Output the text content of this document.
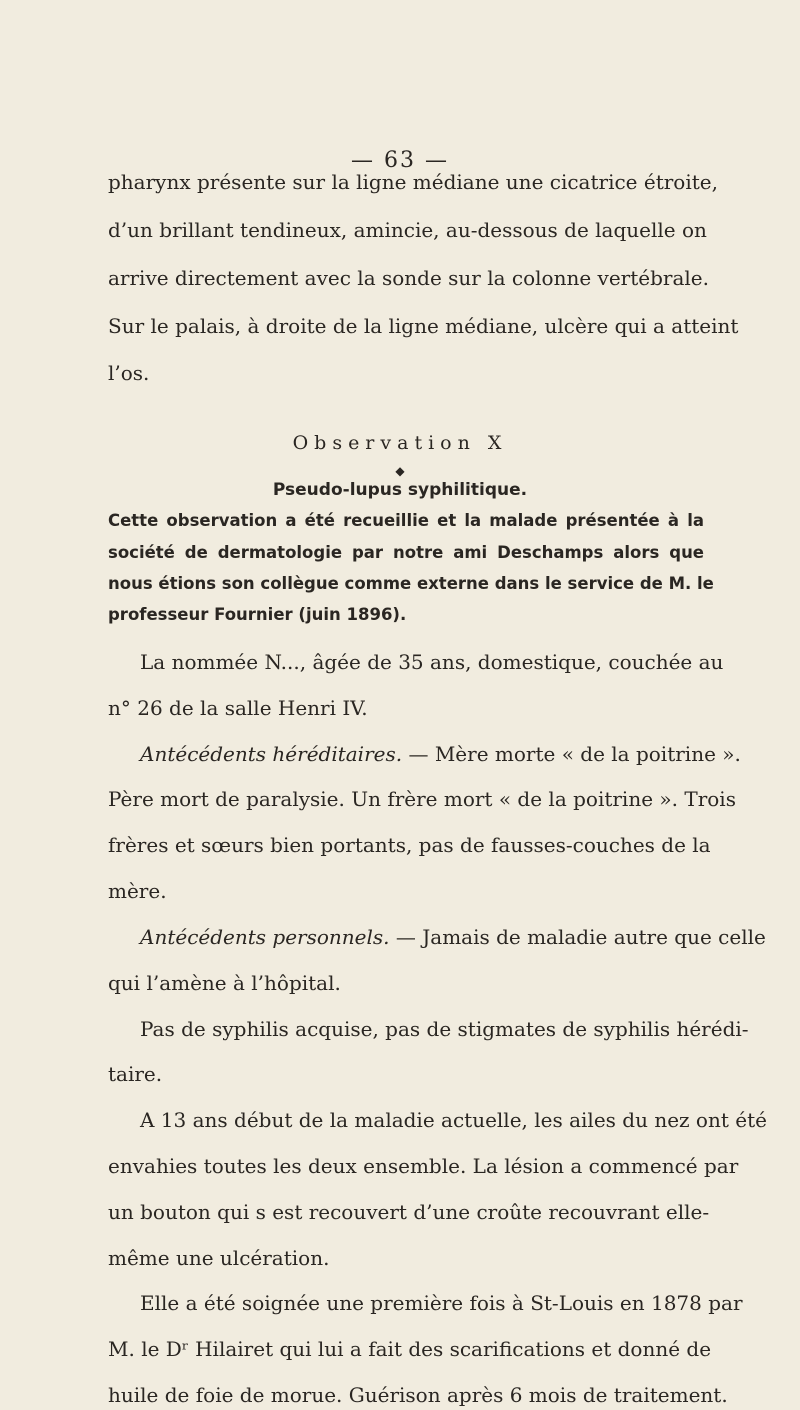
— 63 —
pharynx présente sur la ligne médiane une cicatrice étroite,
d’un brillant tendineux, amincie, au-dessous de laquelle on
arrive directement avec la sonde sur la colonne vertébrale.
Sur le palais, à droite de la ligne médiane, ulcère qui a atteint
l’os.
Observation X
◆
Pseudo-lupus syphilitique.
Cette observation a été recueillie et la malade présentée à la
société de dermatologie par notre ami Deschamps alors que
nous étions son collègue comme externe dans le service de M. le
professeur Fournier (juin 1896).
La nommée N..., âgée de 35 ans, domestique, couchée au
n° 26 de la salle Henri IV.
Antécédents héréditaires. — Mère morte « de la poitrine ».
Père mort de paralysie. Un frère mort « de la poitrine ». Trois
frères et sœurs bien portants, pas de fausses-couches de la
mère.
Antécédents personnels. — Jamais de maladie autre que celle
qui l’amène à l’hôpital.
Pas de syphilis acquise, pas de stigmates de syphilis hérédi-
taire.
A 13 ans début de la maladie actuelle, les ailes du nez ont été
envahies toutes les deux ensemble. La lésion a commencé par
un bouton qui s est recouvert d’une croûte recouvrant elle-
même une ulcération.
Elle a été soignée une première fois à St-Louis en 1878 par
M. le Dʳ Hilairet qui lui a fait des scarifications et donné de
huile de foie de morue. Guérison après 6 mois de traitement.
